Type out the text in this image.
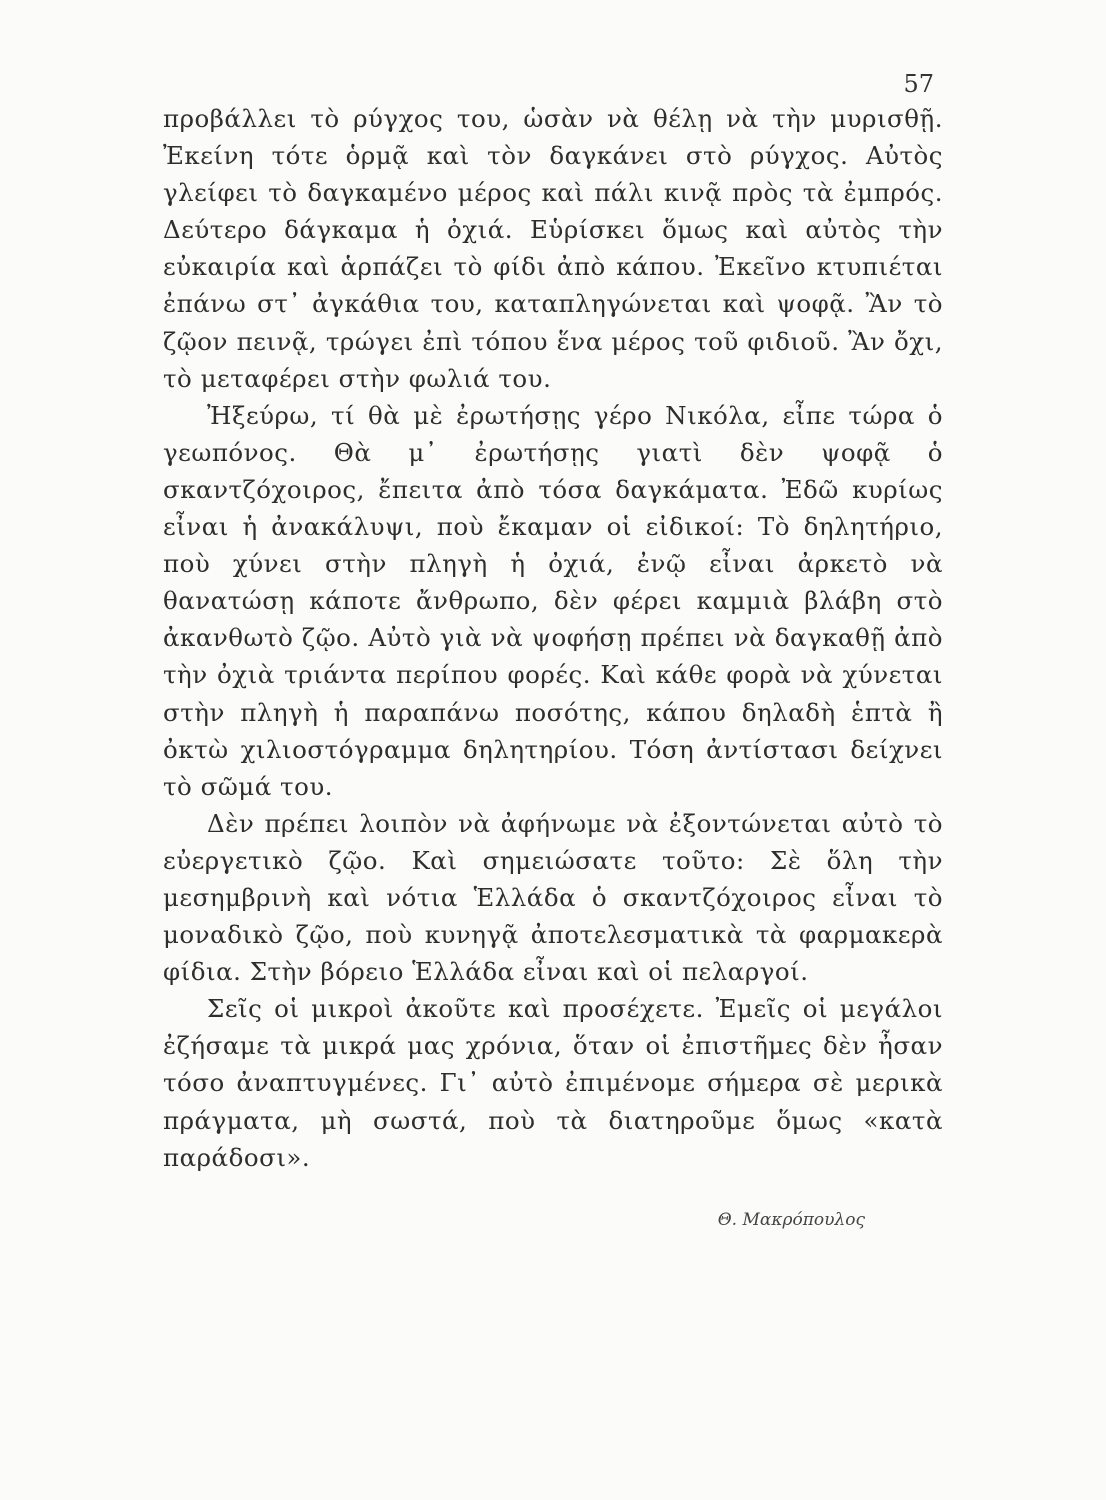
57

προβάλλει τὸ ρύγχος του, ὡσὰν νὰ θέλῃ νὰ τὴν μυρισθῇ. Ἐκείνη τότε ὁρμᾷ καὶ τὸν δαγκάνει στὸ ρύγχος. Αὐτὸς γλείφει τὸ δαγκαμένο μέρος καὶ πάλι κινᾷ πρὸς τὰ ἐμπρός. Δεύτερο δάγκαμα ἡ ὀχιά. Εὑρίσκει ὅμως καὶ αὐτὸς τὴν εὐκαιρία καὶ ἁρπάζει τὸ φίδι ἀπὸ κάπου. Ἐκεῖνο κτυπιέται ἐπάνω στ᾿ ἀγκάθια του, καταπληγώνεται καὶ ψοφᾷ. Ἂν τὸ ζῷον πεινᾷ, τρώγει ἐπὶ τόπου ἕνα μέρος τοῦ φιδιοῦ. Ἂν ὄχι, τὸ μεταφέρει στὴν φωλιά του.

Ἠξεύρω, τί θὰ μὲ ἐρωτήσῃς γέρο Νικόλα, εἶπε τώρα ὁ γεωπόνος. Θὰ μ᾿ ἐρωτήσῃς γιατὶ δὲν ψοφᾷ ὁ σκαντζόχοιρος, ἔπειτα ἀπὸ τόσα δαγκάματα. Ἐδῶ κυρίως εἶναι ἡ ἀνακάλυψι, ποὺ ἔκαμαν οἱ εἰδικοί: Τὸ δηλητήριο, ποὺ χύνει στὴν πληγὴ ἡ ὀχιά, ἐνῷ εἶναι ἀρκετὸ νὰ θανατώσῃ κάποτε ἄνθρωπο, δὲν φέρει καμμιὰ βλάβη στὸ ἀκανθωτὸ ζῷο. Αὐτὸ γιὰ νὰ ψοφήσῃ πρέπει νὰ δαγκαθῇ ἀπὸ τὴν ὀχιὰ τριάντα περίπου φορές. Καὶ κάθε φορὰ νὰ χύνεται στὴν πληγὴ ἡ παραπάνω ποσότης, κάπου δηλαδὴ ἑπτὰ ἢ ὀκτὼ χιλιοστόγραμμα δηλητηρίου. Τόση ἀντίστασι δείχνει τὸ σῶμά του.

Δὲν πρέπει λοιπὸν νὰ ἀφήνωμε νὰ ἐξοντώνεται αὐτὸ τὸ εὐεργετικὸ ζῷο. Καὶ σημειώσατε τοῦτο: Σὲ ὅλη τὴν μεσημβρινὴ καὶ νότια Ἑλλάδα ὁ σκαντζόχοιρος εἶναι τὸ μοναδικὸ ζῷο, ποὺ κυνηγᾷ ἀποτελεσματικὰ τὰ φαρμακερὰ φίδια. Στὴν βόρειο Ἑλλάδα εἶναι καὶ οἱ πελαργοί.

Σεῖς οἱ μικροὶ ἀκοῦτε καὶ προσέχετε. Ἐμεῖς οἱ μεγάλοι ἐζήσαμε τὰ μικρά μας χρόνια, ὅταν οἱ ἐπιστῆμες δὲν ἦσαν τόσο ἀναπτυγμένες. Γι᾿ αὐτὸ ἐπιμένομε σήμερα σὲ μερικὰ πράγματα, μὴ σωστά, ποὺ τὰ διατηροῦμε ὅμως «κατὰ παράδοσι».

Θ. Μακρόπουλος
